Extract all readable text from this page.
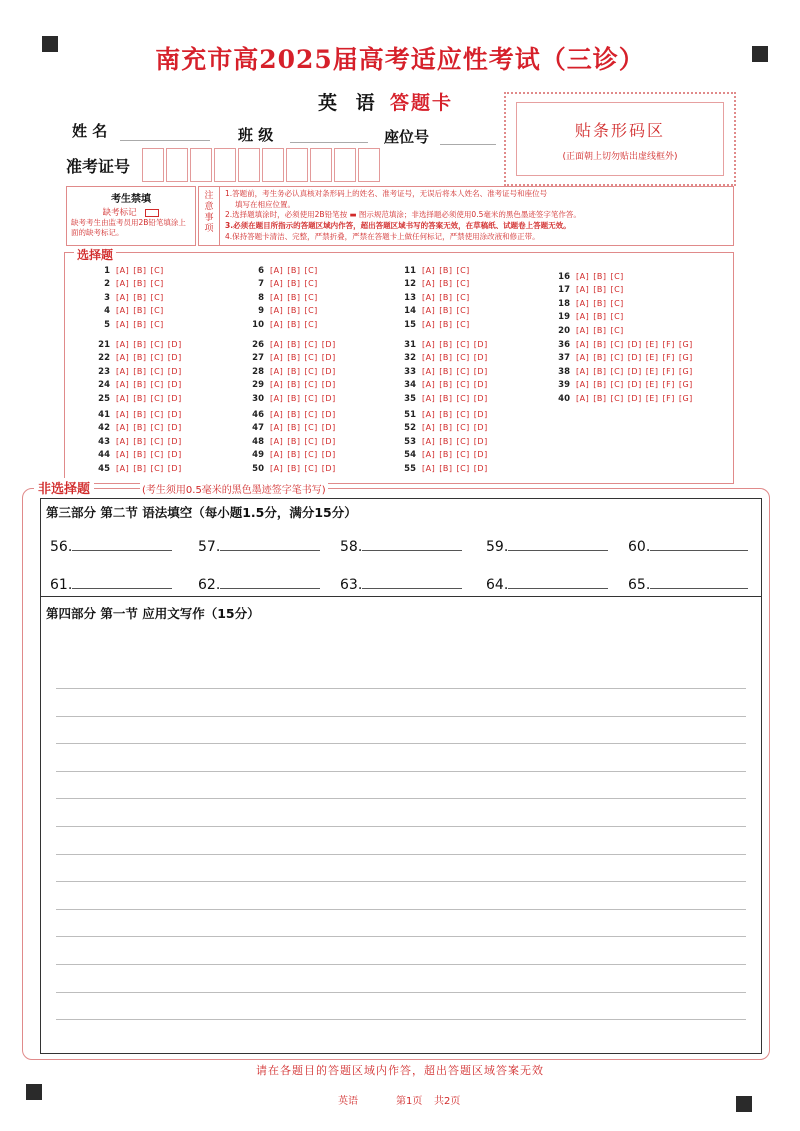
南充市高2025届高考适应性考试（三诊）
英 语 答题卡
姓 名	班 级	座位号
准考证号
贴条形码区
(正面朝上切勿贴出虚线框外)
考生禁填
缺考标记
缺考考生由监考员用2B铅笔填涂上面的缺考标记。
注意事项
1.答题前，考生务必认真核对条形码上的姓名、准考证号，无误后将本人姓名、准考证号和座位号
填写在相应位置。
2.选择题填涂时，必须使用2B铅笔按 ▬ 图示规范填涂；非选择题必须使用0.5毫米的黑色墨迹签字笔作答。
3.必须在题目所指示的答题区域内作答，超出答题区域书写的答案无效，在草稿纸、试题卷上答题无效。
4.保持答题卡清洁、完整，严禁折叠，严禁在答题卡上做任何标记，严禁使用涂改液和修正带。
选择题
1 [A] [B] [C]
2 [A] [B] [C]
3 [A] [B] [C]
4 [A] [B] [C]
5 [A] [B] [C]
6 [A] [B] [C]
7 [A] [B] [C]
8 [A] [B] [C]
9 [A] [B] [C]
10 [A] [B] [C]
11 [A] [B] [C]
12 [A] [B] [C]
13 [A] [B] [C]
14 [A] [B] [C]
15 [A] [B] [C]
16 [A] [B] [C]
17 [A] [B] [C]
18 [A] [B] [C]
19 [A] [B] [C]
20 [A] [B] [C]
21 [A] [B] [C] [D]
22 [A] [B] [C] [D]
23 [A] [B] [C] [D]
24 [A] [B] [C] [D]
25 [A] [B] [C] [D]
26 [A] [B] [C] [D]
27 [A] [B] [C] [D]
28 [A] [B] [C] [D]
29 [A] [B] [C] [D]
30 [A] [B] [C] [D]
31 [A] [B] [C] [D]
32 [A] [B] [C] [D]
33 [A] [B] [C] [D]
34 [A] [B] [C] [D]
35 [A] [B] [C] [D]
36 [A] [B] [C] [D] [E] [F] [G]
37 [A] [B] [C] [D] [E] [F] [G]
38 [A] [B] [C] [D] [E] [F] [G]
39 [A] [B] [C] [D] [E] [F] [G]
40 [A] [B] [C] [D] [E] [F] [G]
41 [A] [B] [C] [D]
42 [A] [B] [C] [D]
43 [A] [B] [C] [D]
44 [A] [B] [C] [D]
45 [A] [B] [C] [D]
46 [A] [B] [C] [D]
47 [A] [B] [C] [D]
48 [A] [B] [C] [D]
49 [A] [B] [C] [D]
50 [A] [B] [C] [D]
51 [A] [B] [C] [D]
52 [A] [B] [C] [D]
53 [A] [B] [C] [D]
54 [A] [B] [C] [D]
55 [A] [B] [C] [D]
非选择题	(考生须用0.5毫米的黑色墨迹签字笔书写)
第三部分 第二节 语法填空（每小题1.5分，满分15分）
56.	57.	58.	59.	60.
61.	62.	63.	64.	65.
第四部分 第一节 应用文写作（15分）
请在各题目的答题区域内作答，超出答题区域答案无效
英语	第1页 共2页
